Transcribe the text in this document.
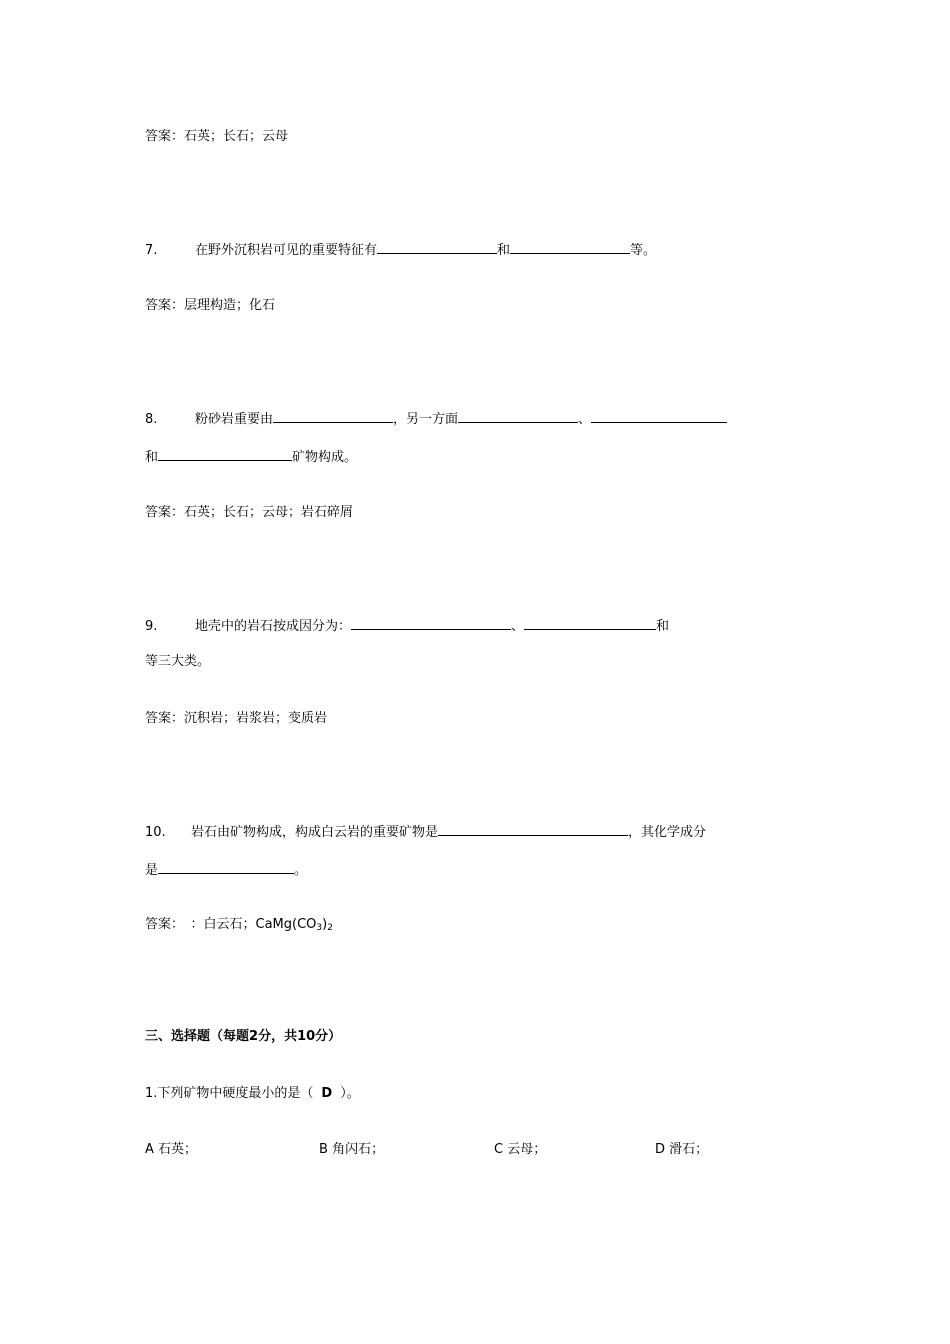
答案：石英；长石；云母
7.	在野外沉积岩可见的重要特征有	和	等。
答案：层理构造；化石
8.	粉砂岩重要由	，另一方面	、
和	矿物构成。
答案：石英；长石；云母；岩石碎屑
9.	地壳中的岩石按成因分为：	、	和
等三大类。
答案：沉积岩；岩浆岩；变质岩
10. 岩石由矿物构成，构成白云岩的重要矿物是	，其化学成分
是	。
答案：　：白云石；$CaMg(CO_3)_2$
三、选择题（每题2分，共10分）
1.下列矿物中硬度最小的是（ D ）。
A 石英；	B 角闪石；	C 云母；	D 滑石；
